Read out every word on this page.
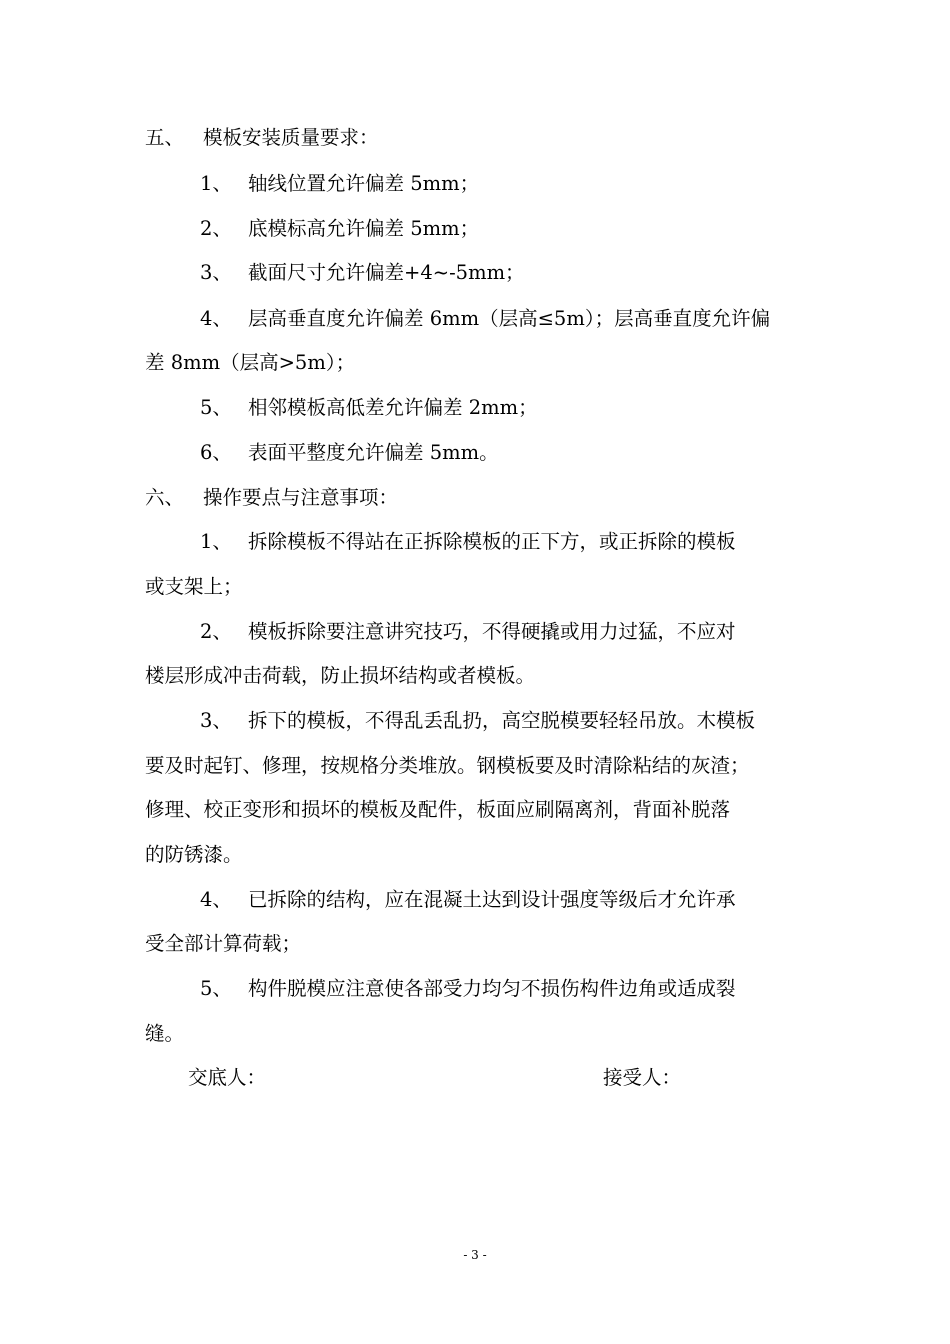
五、 模板安装质量要求：
1、 轴线位置允许偏差 5mm；
2、 底模标高允许偏差 5mm；
3、 截面尺寸允许偏差+4~-5mm；
4、 层高垂直度允许偏差 6mm（层高≤5m）；层高垂直度允许偏
差 8mm（层高>5m）；
5、 相邻模板高低差允许偏差 2mm；
6、 表面平整度允许偏差 5mm。
六、 操作要点与注意事项：
1、 拆除模板不得站在正拆除模板的正下方，或正拆除的模板
或支架上；
2、 模板拆除要注意讲究技巧，不得硬撬或用力过猛，不应对
楼层形成冲击荷载，防止损坏结构或者模板。
3、 拆下的模板，不得乱丢乱扔，高空脱模要轻轻吊放。木模板
要及时起钉、修理，按规格分类堆放。钢模板要及时清除粘结的灰渣；
修理、校正变形和损坏的模板及配件，板面应刷隔离剂，背面补脱落
的防锈漆。
4、 已拆除的结构，应在混凝土达到设计强度等级后才允许承
受全部计算荷载；
5、 构件脱模应注意使各部受力均匀不损伤构件边角或适成裂
缝。
交底人：	接受人：
- 3 -
